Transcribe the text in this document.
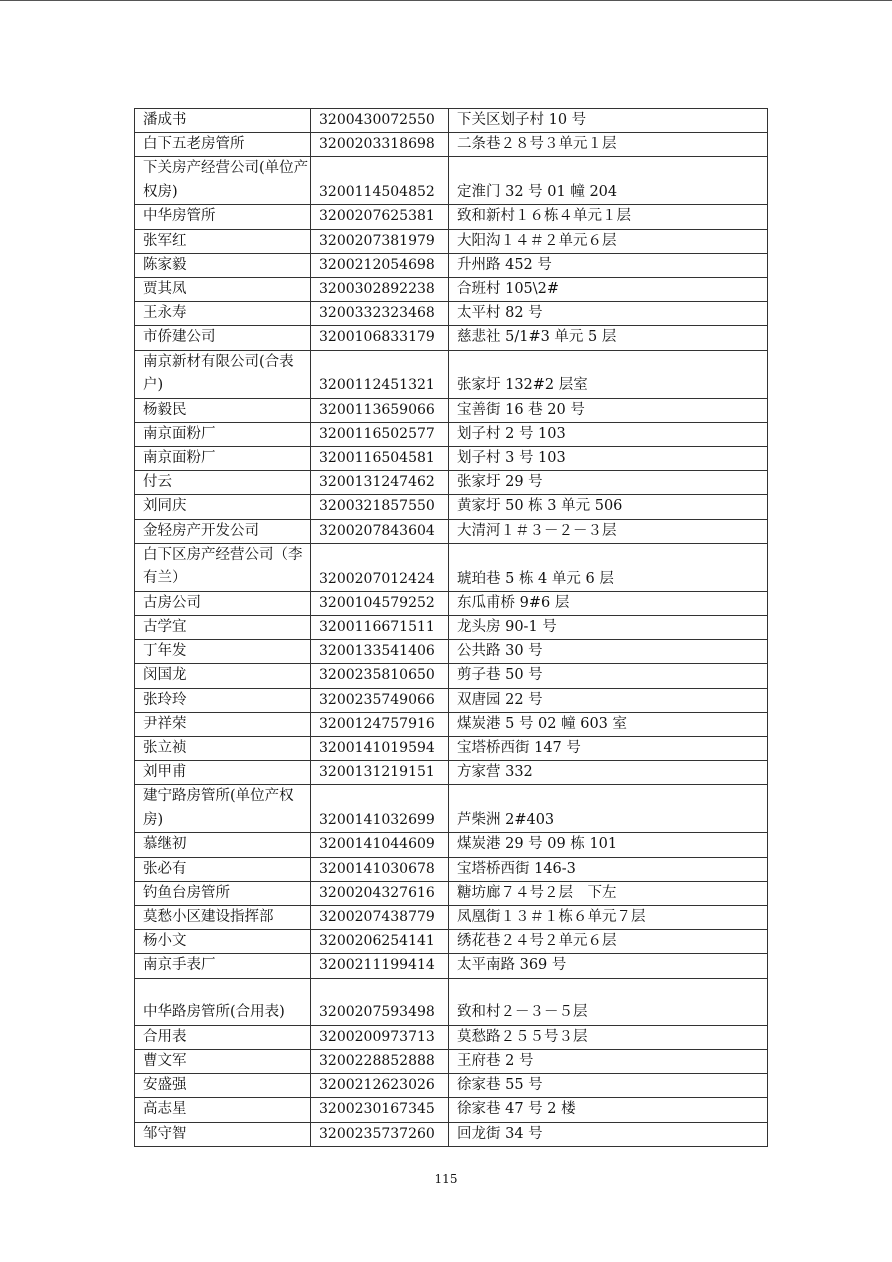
潘成书	3200430072550	下关区划子村 10 号
白下五老房管所	3200203318698	二条巷２８号３单元１层
下关房产经营公司(单位产权房)	3200114504852	定淮门 32 号 01 幢 204
中华房管所	3200207625381	致和新村１６栋４单元１层
张军红	3200207381979	大阳沟１４＃２单元６层
陈家毅	3200212054698	升州路 452 号
贾其凤	3200302892238	合班村 105\2#
王永寿	3200332323468	太平村 82 号
市侨建公司	3200106833179	慈悲社 5/1#3 单元 5 层
南京新材有限公司(合表户)	3200112451321	张家圩 132#2 层室
杨毅民	3200113659066	宝善街 16 巷 20 号
南京面粉厂	3200116502577	划子村 2 号 103
南京面粉厂	3200116504581	划子村 3 号 103
付云	3200131247462	张家圩 29 号
刘同庆	3200321857550	黄家圩 50 栋 3 单元 506
金轻房产开发公司	3200207843604	大清河１＃３－２－３层
白下区房产经营公司（李有兰）	3200207012424	琥珀巷 5 栋 4 单元 6 层
古房公司	3200104579252	东瓜甫桥 9#6 层
古学宜	3200116671511	龙头房 90-1 号
丁年发	3200133541406	公共路 30 号
闵国龙	3200235810650	剪子巷 50 号
张玲玲	3200235749066	双唐园 22 号
尹祥荣	3200124757916	煤炭港 5 号 02 幢 603 室
张立祯	3200141019594	宝塔桥西街 147 号
刘甲甫	3200131219151	方家营 332
建宁路房管所(单位产权房)	3200141032699	芦柴洲 2#403
慕继初	3200141044609	煤炭港 29 号 09 栋 101
张必有	3200141030678	宝塔桥西街 146-3
钓鱼台房管所	3200204327616	糖坊廊７４号２层　下左
莫愁小区建设指挥部	3200207438779	凤凰街１３＃１栋６单元７层
杨小文	3200206254141	绣花巷２４号２单元６层
南京手表厂	3200211199414	太平南路 369 号
中华路房管所(合用表)	3200207593498	致和村２－３－５层
合用表	3200200973713	莫愁路２５５号３层
曹文军	3200228852888	王府巷 2 号
安盛强	3200212623026	徐家巷 55 号
高志星	3200230167345	徐家巷 47 号 2 楼
邹守智	3200235737260	回龙街 34 号
115
